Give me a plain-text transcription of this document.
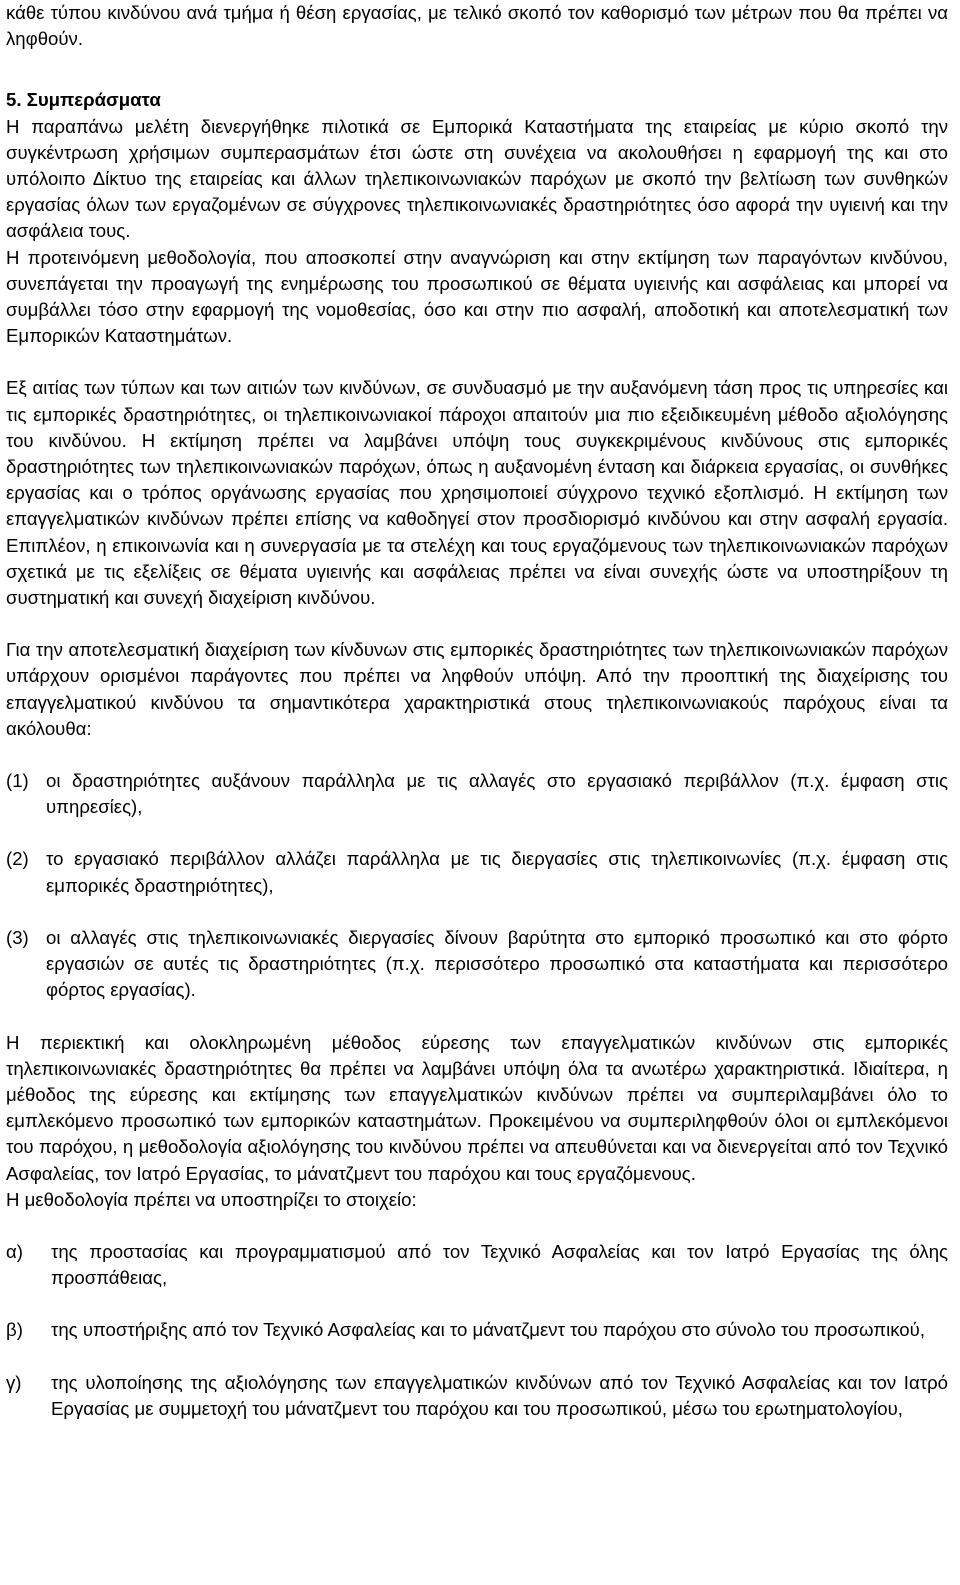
κάθε τύπου κινδύνου ανά τμήμα ή θέση εργασίας, με τελικό σκοπό τον καθορισμό των μέτρων που θα πρέπει να ληφθούν.

5. Συμπεράσματα

Η παραπάνω μελέτη διενεργήθηκε πιλοτικά σε Εμπορικά Καταστήματα της εταιρείας με κύριο σκοπό την συγκέντρωση χρήσιμων συμπερασμάτων έτσι ώστε στη συνέχεια να ακολουθήσει η εφαρμογή της και στο υπόλοιπο Δίκτυο της εταιρείας και άλλων τηλεπικοινωνιακών παρόχων με σκοπό την βελτίωση των συνθηκών εργασίας όλων των εργαζομένων σε σύγχρονες τηλεπικοινωνιακές δραστηριότητες όσο αφορά την υγιεινή και την ασφάλεια τους.

Η προτεινόμενη μεθοδολογία, που αποσκοπεί στην αναγνώριση και στην εκτίμηση των παραγόντων κινδύνου, συνεπάγεται την προαγωγή της ενημέρωσης του προσωπικού σε θέματα υγιεινής και ασφάλειας και μπορεί να συμβάλλει τόσο στην εφαρμογή της νομοθεσίας, όσο και στην πιο ασφαλή, αποδοτική και αποτελεσματική των Εμπορικών Καταστημάτων.

Εξ αιτίας των τύπων και των αιτιών των κινδύνων, σε συνδυασμό με την αυξανόμενη τάση προς τις υπηρεσίες και τις εμπορικές δραστηριότητες, οι τηλεπικοινωνιακοί πάροχοι απαιτούν μια πιο εξειδικευμένη μέθοδο αξιολόγησης του κινδύνου. Η εκτίμηση πρέπει να λαμβάνει υπόψη τους συγκεκριμένους κινδύνους στις εμπορικές δραστηριότητες των τηλεπικοινωνιακών παρόχων, όπως η αυξανομένη ένταση και διάρκεια εργασίας, οι συνθήκες εργασίας και ο τρόπος οργάνωσης εργασίας που χρησιμοποιεί σύγχρονο τεχνικό εξοπλισμό. Η εκτίμηση των επαγγελματικών κινδύνων πρέπει επίσης να καθοδηγεί στον προσδιορισμό κινδύνου και στην ασφαλή εργασία. Επιπλέον, η επικοινωνία και η συνεργασία με τα στελέχη και τους εργαζόμενους των τηλεπικοινωνιακών παρόχων σχετικά με τις εξελίξεις σε θέματα υγιεινής και ασφάλειας πρέπει να είναι συνεχής ώστε να υποστηρίξουν τη συστηματική και συνεχή διαχείριση κινδύνου.

Για την αποτελεσματική διαχείριση των κίνδυνων στις εμπορικές δραστηριότητες των τηλεπικοινωνιακών παρόχων υπάρχουν ορισμένοι παράγοντες που πρέπει να ληφθούν υπόψη. Από την προοπτική της διαχείρισης του επαγγελματικού κινδύνου τα σημαντικότερα χαρακτηριστικά στους τηλεπικοινωνιακούς παρόχους είναι τα ακόλουθα:

(1) οι δραστηριότητες αυξάνουν παράλληλα με τις αλλαγές στο εργασιακό περιβάλλον (π.χ. έμφαση στις υπηρεσίες),
(2) το εργασιακό περιβάλλον αλλάζει παράλληλα με τις διεργασίες στις τηλεπικοινωνίες (π.χ. έμφαση στις εμπορικές δραστηριότητες),
(3) οι αλλαγές στις τηλεπικοινωνιακές διεργασίες δίνουν βαρύτητα στο εμπορικό προσωπικό και στο φόρτο εργασιών σε αυτές τις δραστηριότητες (π.χ. περισσότερο προσωπικό στα καταστήματα και περισσότερο φόρτος εργασίας).

Η περιεκτική και ολοκληρωμένη μέθοδος εύρεσης των επαγγελματικών κινδύνων στις εμπορικές τηλεπικοινωνιακές δραστηριότητες θα πρέπει να λαμβάνει υπόψη όλα τα ανωτέρω χαρακτηριστικά. Ιδιαίτερα, η μέθοδος της εύρεσης και εκτίμησης των επαγγελματικών κινδύνων πρέπει να συμπεριλαμβάνει όλο το εμπλεκόμενο προσωπικό των εμπορικών καταστημάτων. Προκειμένου να συμπεριληφθούν όλοι οι εμπλεκόμενοι του παρόχου, η μεθοδολογία αξιολόγησης του κινδύνου πρέπει να απευθύνεται και να διενεργείται από τον Τεχνικό Ασφαλείας, τον Ιατρό Εργασίας, το μάνατζμεντ του παρόχου και τους εργαζόμενους.

Η μεθοδολογία πρέπει να υποστηρίζει το στοιχείο:

α)	της προστασίας και προγραμματισμού από τον Τεχνικό Ασφαλείας και τον Ιατρό Εργασίας της όλης προσπάθειας,
β)	της υποστήριξης από τον Τεχνικό Ασφαλείας και το μάνατζμεντ του παρόχου στο σύνολο του προσωπικού,
γ)	της υλοποίησης της αξιολόγησης των επαγγελματικών κινδύνων από τον Τεχνικό Ασφαλείας και τον Ιατρό Εργασίας με συμμετοχή του μάνατζμεντ του παρόχου και του προσωπικού, μέσω του ερωτηματολογίου,
